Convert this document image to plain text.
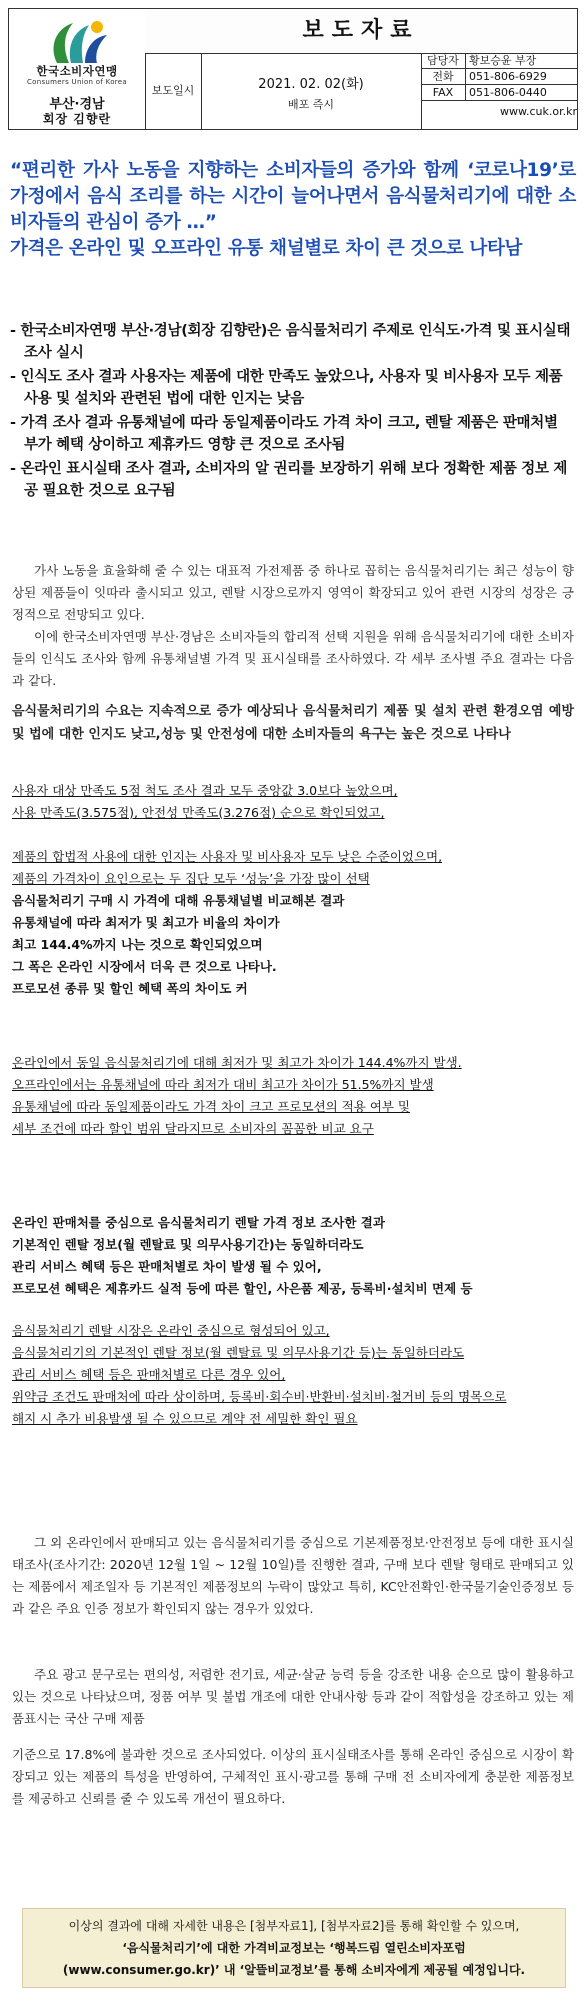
한국소비자연맹
Consumers Union of Korea
부산·경남
회장 김향란
보도자료
보도일시	2021. 02. 02(화)
배포 즉시
담당자 황보승윤 부장
전화	051-806-6929
FAX	051-806-0440
www.cuk.or.kr
“편리한 가사 노동을 지향하는 소비자들의 증가와 함께 ‘코로나19’로 가정에서 음식 조리를 하는 시간이 늘어나면서 음식물처리기에 대한 소비자들의 관심이 증가 …”
가격은 온라인 및 오프라인 유통 채널별로 차이 큰 것으로 나타남
- 한국소비자연맹 부산·경남(회장 김향란)은 음식물처리기 주제로 인식도·가격 및 표시실태 조사 실시
- 인식도 조사 결과 사용자는 제품에 대한 만족도 높았으나, 사용자 및 비사용자 모두 제품 사용 및 설치와 관련된 법에 대한 인지는 낮음
- 가격 조사 결과 유통채널에 따라 동일제품이라도 가격 차이 크고, 렌탈 제품은 판매처별 부가 혜택 상이하고 제휴카드 영향 큰 것으로 조사됨
- 온라인 표시실태 조사 결과, 소비자의 알 권리를 보장하기 위해 보다 정확한 제품 정보 제공 필요한 것으로 요구됨
가사 노동을 효율화해 줄 수 있는 대표적 가전제품 중 하나로 꼽히는 음식물처리기는 최근 성능이 향상된 제품들이 잇따라 출시되고 있고, 렌탈 시장으로까지 영역이 확장되고 있어 관련 시장의 성장은 긍정적으로 전망되고 있다.
이에 한국소비자연맹 부산·경남은 소비자들의 합리적 선택 지원을 위해 음식물처리기에 대한 소비자들의 인식도 조사와 함께 유통채널별 가격 및 표시실태를 조사하였다. 각 세부 조사별 주요 결과는 다음과 같다.
음식물처리기의 수요는 지속적으로 증가 예상되나 음식물처리기 제품 및 설치 관련 환경오염 예방 및 법에 대한 인지도 낮고,성능 및 안전성에 대한 소비자들의 욕구는 높은 것으로 나타나
사용자 대상 만족도 5점 척도 조사 결과 모두 중앙값 3.0보다 높았으며,
사용 만족도(3.575점), 안전성 만족도(3.276점) 순으로 확인되었고,
제품의 합법적 사용에 대한 인지는 사용자 및 비사용자 모두 낮은 수준이었으며,
제품의 가격차이 요인으로는 두 집단 모두 ‘성능’을 가장 많이 선택
음식물처리기 구매 시 가격에 대해 유통채널별 비교해본 결과
유통채널에 따라 최저가 및 최고가 비율의 차이가
최고 144.4%까지 나는 것으로 확인되었으며
그 폭은 온라인 시장에서 더욱 큰 것으로 나타나.
프로모션 종류 및 할인 혜택 폭의 차이도 커
온라인에서 동일 음식물처리기에 대해 최저가 및 최고가 차이가 144.4%까지 발생.
오프라인에서는 유통채널에 따라 최저가 대비 최고가 차이가 51.5%까지 발생
유통채널에 따라 동일제품이라도 가격 차이 크고 프로모션의 적용 여부 및
세부 조건에 따라 할인 범위 달라지므로 소비자의 꼼꼼한 비교 요구
온라인 판매처를 중심으로 음식물처리기 렌탈 가격 정보 조사한 결과
기본적인 렌탈 정보(월 렌탈료 및 의무사용기간)는 동일하더라도
관리 서비스 혜택 등은 판매처별로 차이 발생 될 수 있어,
프로모션 혜택은 제휴카드 실적 등에 따른 할인, 사은품 제공, 등록비·설치비 면제 등
음식물처리기 렌탈 시장은 온라인 중심으로 형성되어 있고,
음식물처리기의 기본적인 렌탈 정보(월 렌탈료 및 의무사용기간 등)는 동일하더라도
관리 서비스 혜택 등은 판매처별로 다른 경우 있어,
위약금 조건도 판매처에 따라 상이하며, 등록비·회수비·반환비·설치비·철거비 등의 명목으로
해지 시 추가 비용발생 될 수 있으므로 계약 전 세밀한 확인 필요
그 외 온라인에서 판매되고 있는 음식물처리기를 중심으로 기본제품정보·안전정보 등에 대한 표시실태조사(조사기간: 2020년 12월 1일 ~ 12월 10일)를 진행한 결과, 구매 보다 렌탈 형태로 판매되고 있는 제품에서 제조일자 등 기본적인 제품정보의 누락이 많았고 특히, KC안전확인·한국물기술인증정보 등과 같은 주요 인증 정보가 확인되지 않는 경우가 있었다.
주요 광고 문구로는 편의성, 저렴한 전기료, 세균·살균 능력 등을 강조한 내용 순으로 많이 활용하고 있는 것으로 나타났으며, 정품 여부 및 불법 개조에 대한 안내사항 등과 같이 적합성을 강조하고 있는 제품표시는 국산 구매 제품
기준으로 17.8%에 불과한 것으로 조사되었다. 이상의 표시실태조사를 통해 온라인 중심으로 시장이 확장되고 있는 제품의 특성을 반영하여, 구체적인 표시·광고를 통해 구매 전 소비자에게 충분한 제품정보를 제공하고 신뢰를 줄 수 있도록 개선이 필요하다.
이상의 결과에 대해 자세한 내용은 [첨부자료1], [첨부자료2]를 통해 확인할 수 있으며,
‘음식물처리기’에 대한 가격비교정보는 ‘행복드림 열린소비자포럼
(www.consumer.go.kr)’ 내 ‘알뜰비교정보’를 통해 소비자에게 제공될 예정입니다.
